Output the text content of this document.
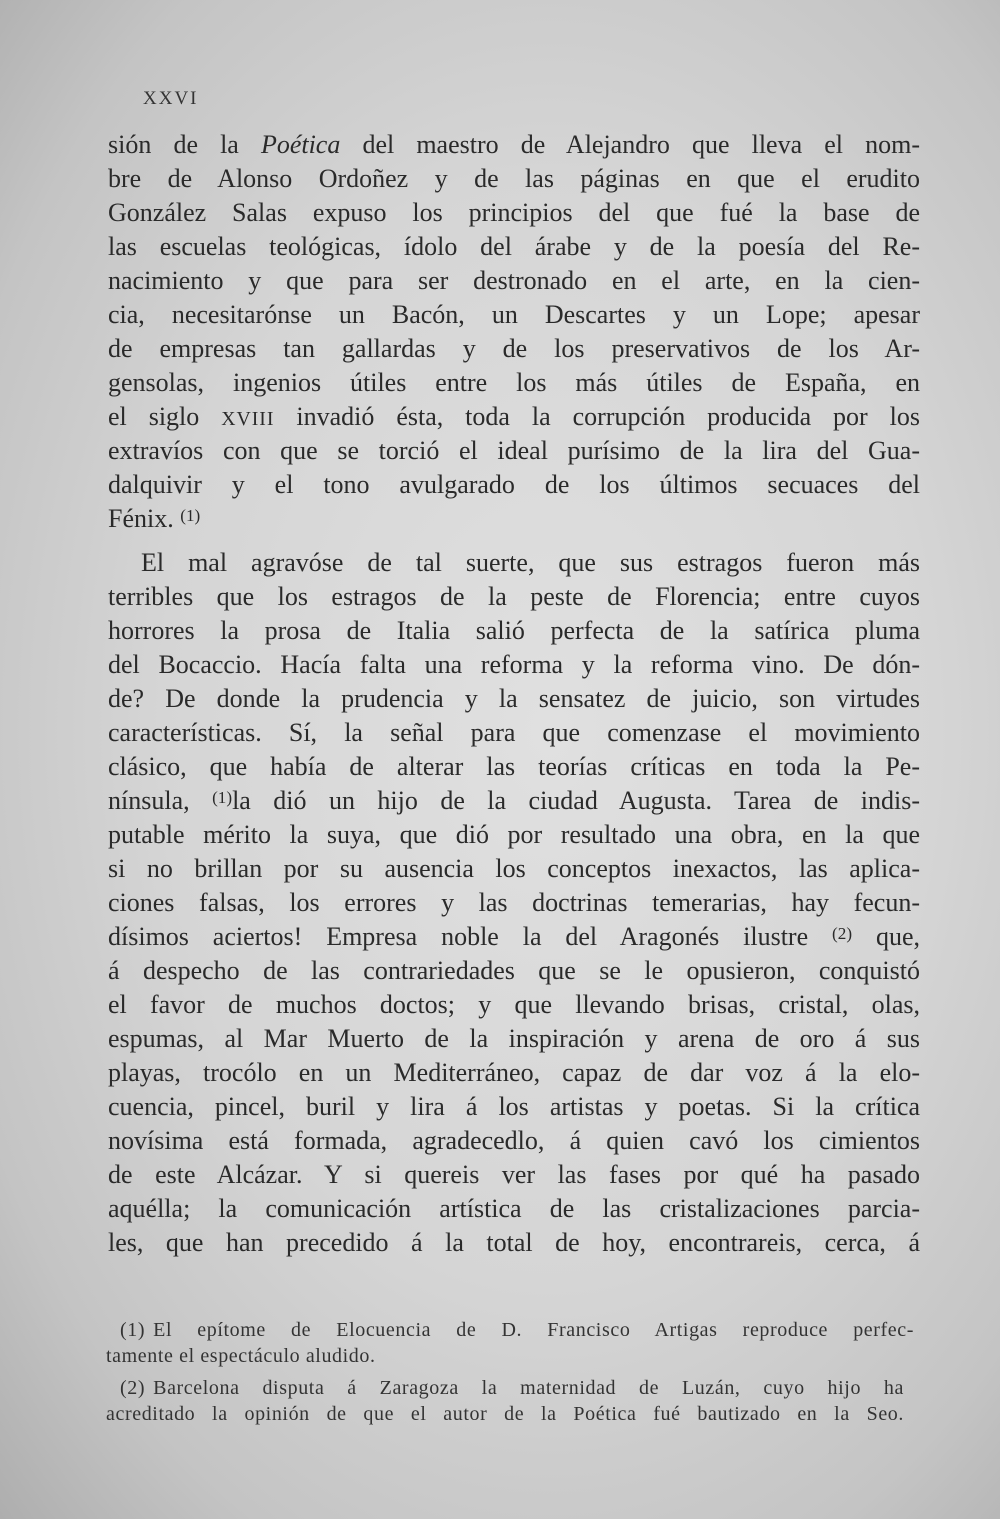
XXVI
sión de la Poética del maestro de Alejandro que lleva el nom-
bre de Alonso Ordoñez y de las páginas en que el erudito
González Salas expuso los principios del que fué la base de
las escuelas teológicas, ídolo del árabe y de la poesía del Re-
nacimiento y que para ser destronado en el arte, en la cien-
cia, necesitarónse un Bacón, un Descartes y un Lope; apesar
de empresas tan gallardas y de los preservativos de los Ar-
gensolas, ingenios útiles entre los más útiles de España, en
el siglo XVIII invadió ésta, toda la corrupción producida por los
extravíos con que se torció el ideal purísimo de la lira del Gua-
dalquivir y el tono avulgarado de los últimos secuaces del
Fénix. $^{(1)}$
El mal agravóse de tal suerte, que sus estragos fueron más
terribles que los estragos de la peste de Florencia; entre cuyos
horrores la prosa de Italia salió perfecta de la satírica pluma
del Bocaccio. Hacía falta una reforma y la reforma vino. De dón-
de? De donde la prudencia y la sensatez de juicio, son virtudes
características. Sí, la señal para que comenzase el movimiento
clásico, que había de alterar las teorías críticas en toda la Pe-
nínsula, $^{(1)}$la dió un hijo de la ciudad Augusta. Tarea de indis-
putable mérito la suya, que dió por resultado una obra, en la que
si no brillan por su ausencia los conceptos inexactos, las aplica-
ciones falsas, los errores y las doctrinas temerarias, hay fecun-
dísimos aciertos! Empresa noble la del Aragonés ilustre $^{(2)}$ que,
á despecho de las contrariedades que se le opusieron, conquistó
el favor de muchos doctos; y que llevando brisas, cristal, olas,
espumas, al Mar Muerto de la inspiración y arena de oro á sus
playas, trocólo en un Mediterráneo, capaz de dar voz á la elo-
cuencia, pincel, buril y lira á los artistas y poetas. Si la crítica
novísima está formada, agradecedlo, á quien cavó los cimientos
de este Alcázar. Y si quereis ver las fases por qué ha pasado
aquélla; la comunicación artística de las cristalizaciones parcia-
les, que han precedido á la total de hoy, encontrareis, cerca, á
(1) El epítome de Elocuencia de D. Francisco Artigas reproduce perfec-
tamente el espectáculo aludido.
(2) Barcelona disputa á Zaragoza la maternidad de Luzán, cuyo hijo ha
acreditado la opinión de que el autor de la Poética fué bautizado en la Seo.
